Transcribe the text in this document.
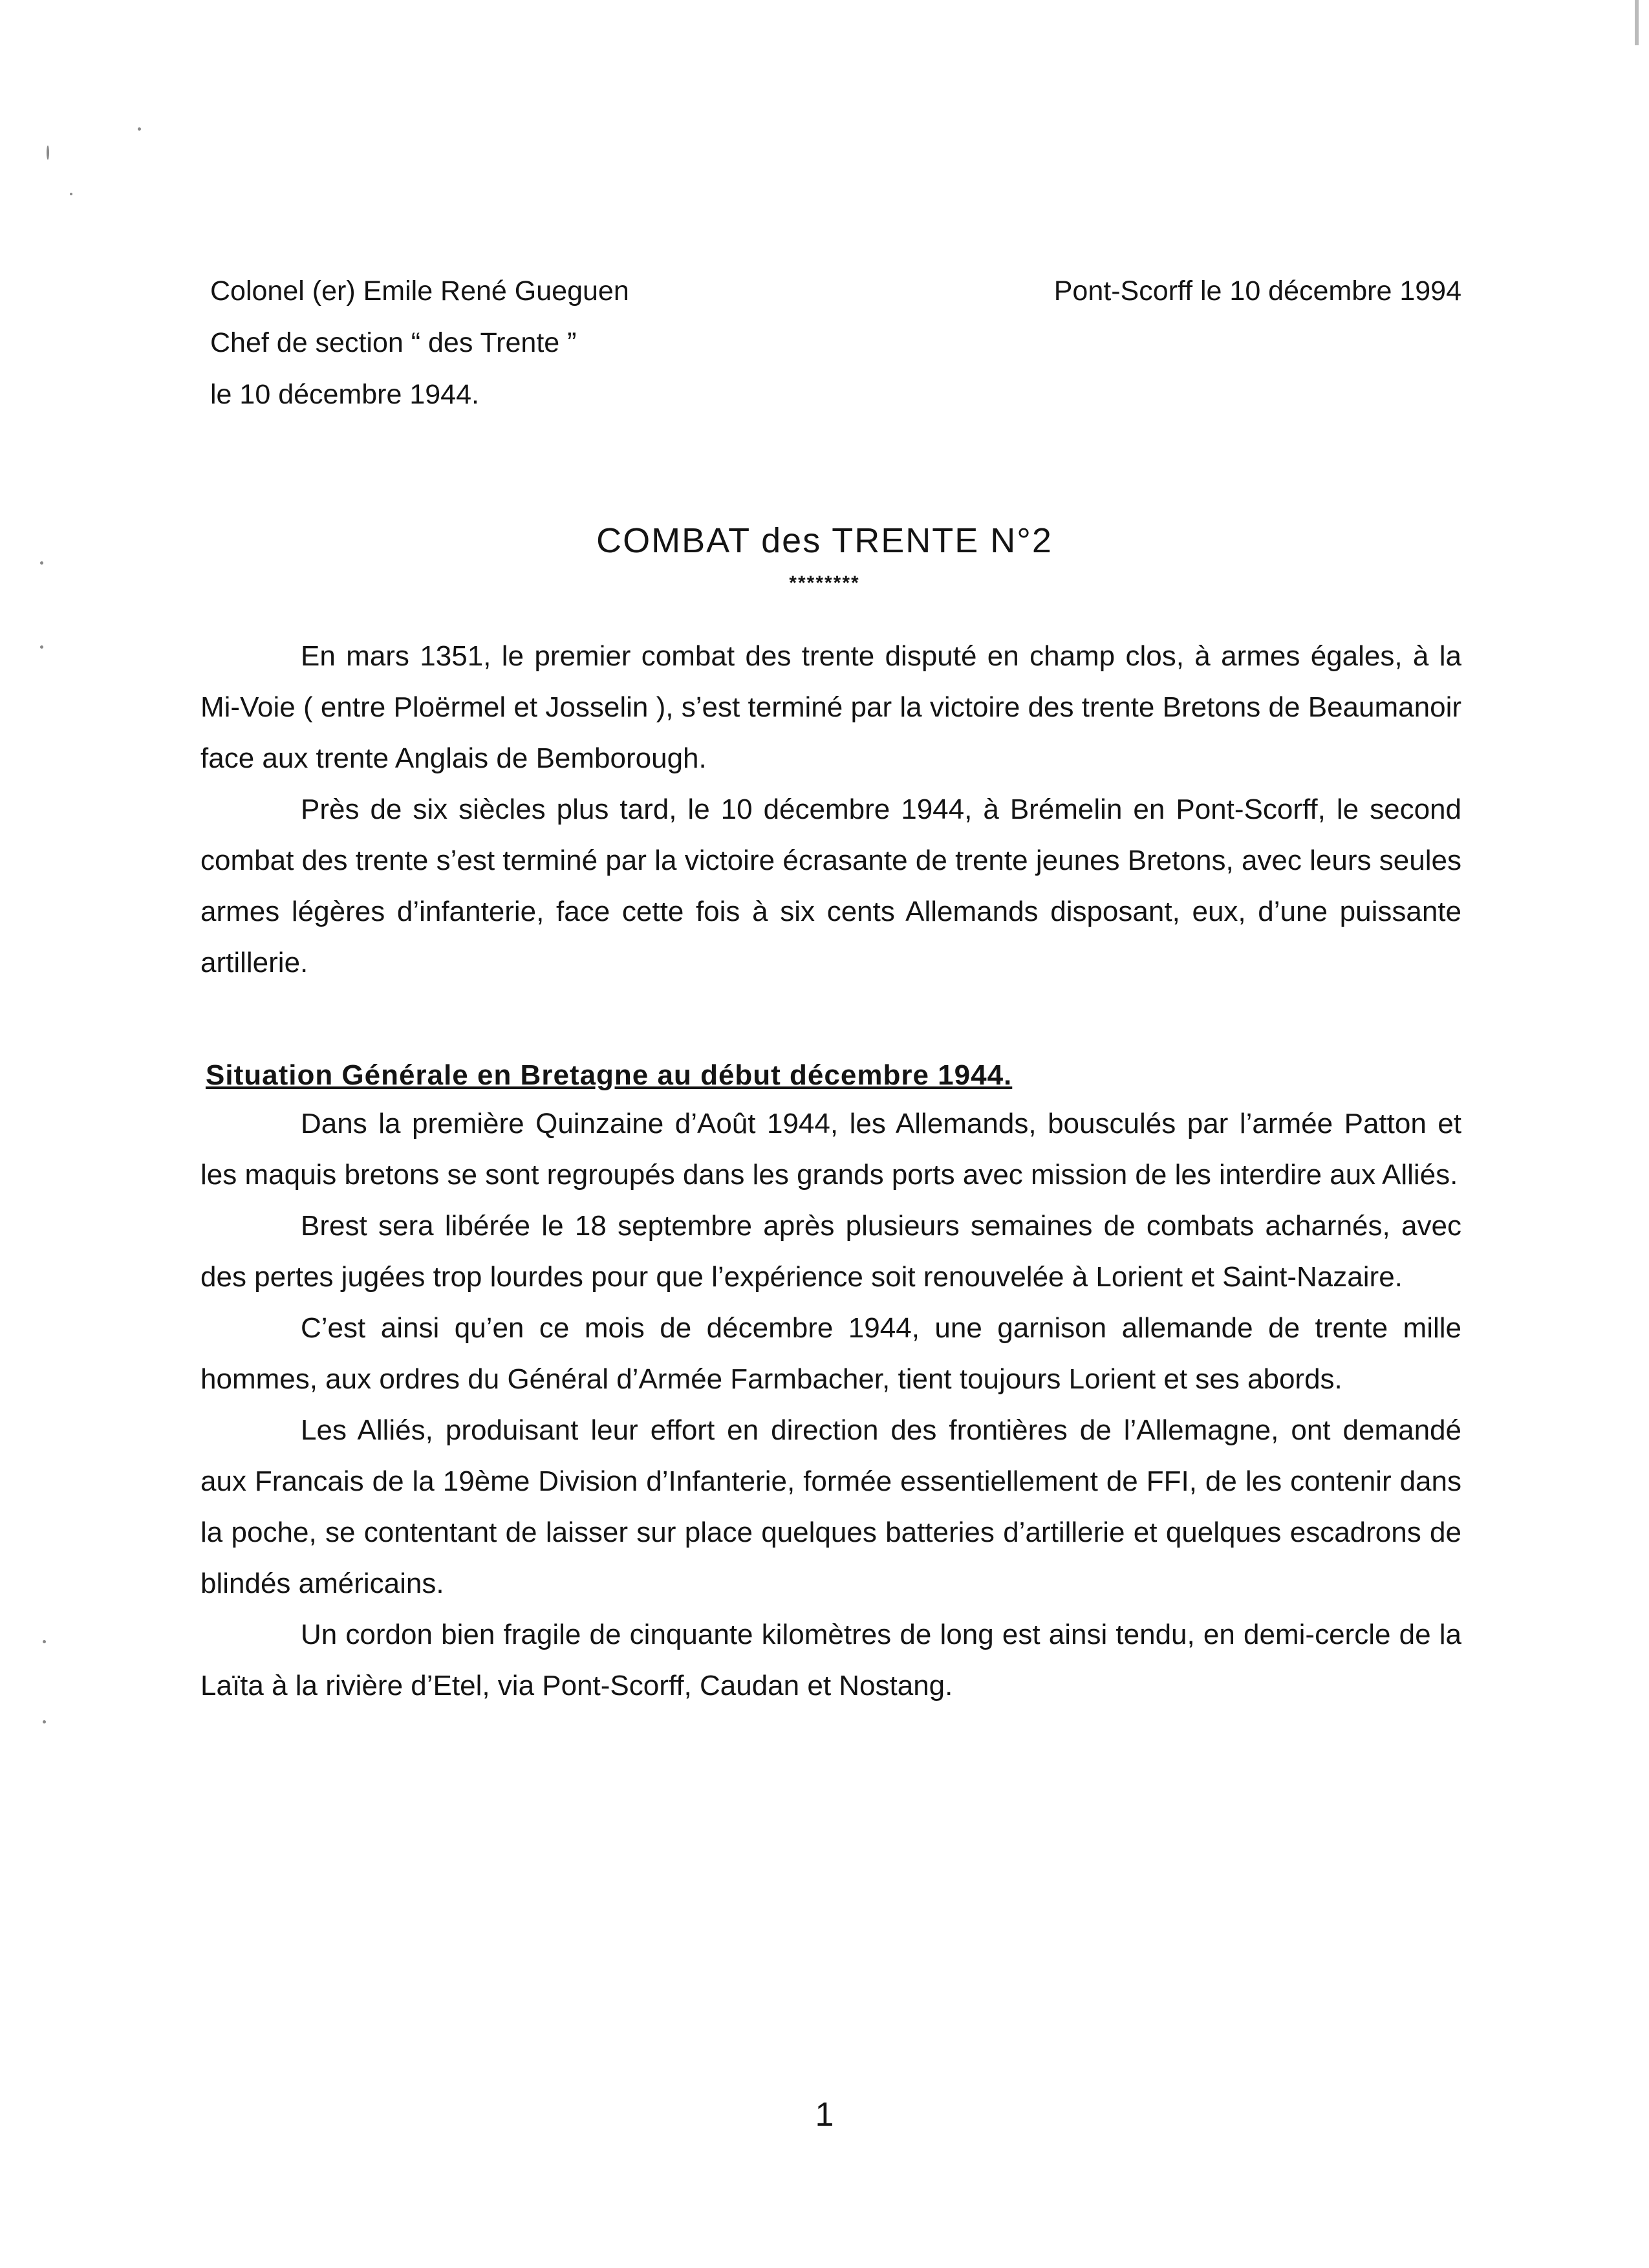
Colonel (er) Emile René Gueguen
Chef de section “ des Trente ”
le 10 décembre 1944.
Pont-Scorff le 10 décembre 1994
COMBAT des TRENTE N°2
********

En mars 1351, le premier combat des trente disputé en champ clos, à armes égales, à la Mi-Voie ( entre Ploërmel et Josselin ), s’est terminé par la victoire des trente Bretons de Beaumanoir face aux trente Anglais de Bemborough.

Près de six siècles plus tard, le 10 décembre 1944, à Brémelin en Pont-Scorff, le second combat des trente s’est terminé par la victoire écrasante de trente jeunes Bretons, avec leurs seules armes légères d’infanterie, face cette fois à six cents Allemands disposant, eux, d’une puissante artillerie.

Situation Générale en Bretagne au début décembre 1944.

Dans la première Quinzaine d’Août 1944, les Allemands, bousculés par l’armée Patton et les maquis bretons se sont regroupés dans les grands ports avec mission de les interdire aux Alliés.

Brest sera libérée le 18 septembre après plusieurs semaines de combats acharnés, avec des pertes jugées trop lourdes pour que l’expérience soit renouvelée à Lorient et Saint-Nazaire.

C’est ainsi qu’en ce mois de décembre 1944, une garnison allemande de trente mille hommes, aux ordres du Général d’Armée Farmbacher, tient toujours Lorient et ses abords.

Les Alliés, produisant leur effort en direction des frontières de l’Allemagne, ont demandé aux Francais de la 19ème Division d’Infanterie, formée essentiellement de FFI, de les contenir dans la poche, se contentant de laisser sur place quelques batteries d’artillerie et quelques escadrons de blindés américains.

Un cordon bien fragile de cinquante kilomètres de long est ainsi tendu, en demi-cercle de la Laïta à la rivière d’Etel, via Pont-Scorff, Caudan et Nostang.

1
